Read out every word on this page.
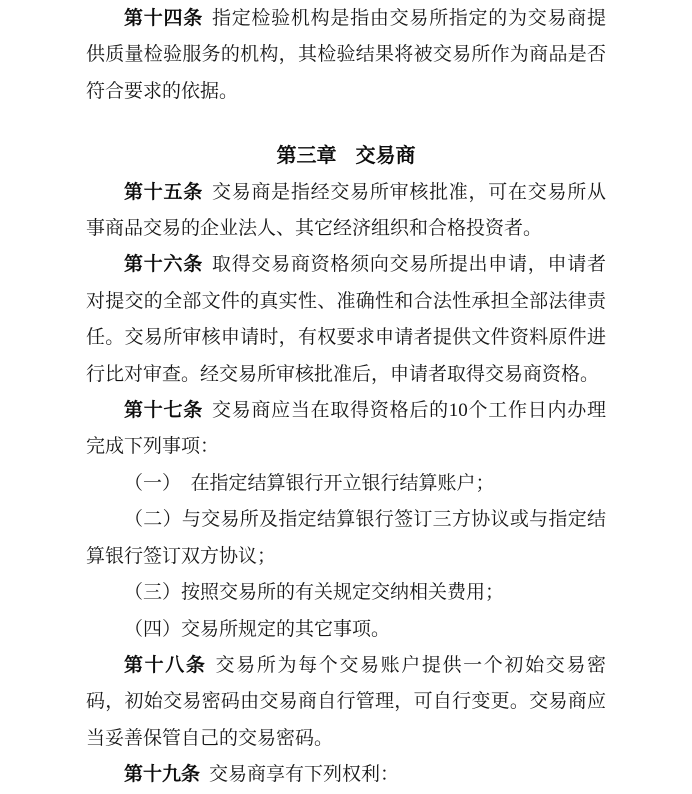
第十四条 指定检验机构是指由交易所指定的为交易商提供质量检验服务的机构，其检验结果将被交易所作为商品是否符合要求的依据。

第三章 交易商

第十五条 交易商是指经交易所审核批准，可在交易所从事商品交易的企业法人、其它经济组织和合格投资者。

第十六条 取得交易商资格须向交易所提出申请，申请者对提交的全部文件的真实性、准确性和合法性承担全部法律责任。交易所审核申请时，有权要求申请者提供文件资料原件进行比对审查。经交易所审核批准后，申请者取得交易商资格。

第十七条 交易商应当在取得资格后的10个工作日内办理完成下列事项：

（一）　在指定结算银行开立银行结算账户；

（二）与交易所及指定结算银行签订三方协议或与指定结算银行签订双方协议；

（三）按照交易所的有关规定交纳相关费用；

（四）交易所规定的其它事项。

第十八条 交易所为每个交易账户提供一个初始交易密码，初始交易密码由交易商自行管理，可自行变更。交易商应当妥善保管自己的交易密码。

第十九条 交易商享有下列权利：
